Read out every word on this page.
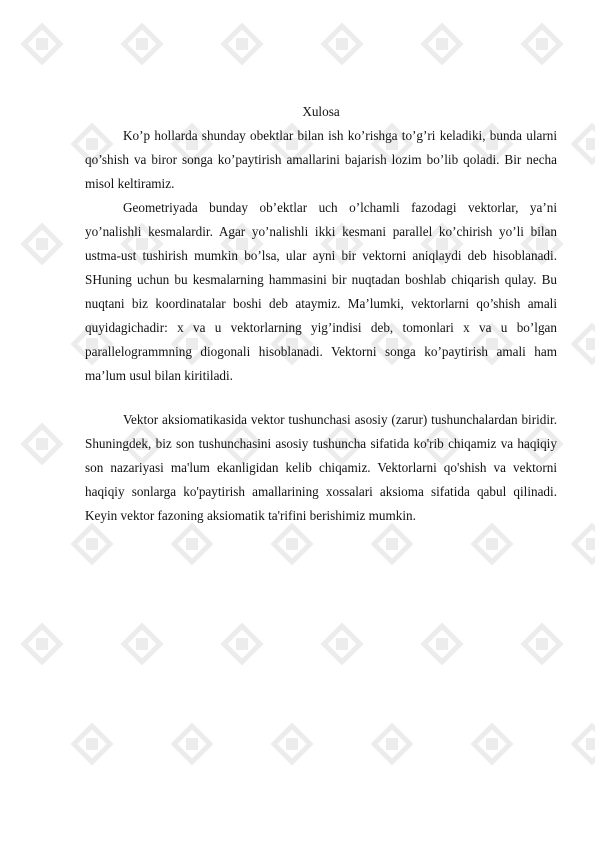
Xulosa

Ko’p hollarda shunday obektlar bilan ish ko’rishga to’g’ri keladiki, bunda ularni qo’shish va biror songa ko’paytirish amallarini bajarish lozim bo’lib qoladi. Bir necha misol keltiramiz.

Geometriyada bunday ob’ektlar uch o’lchamli fazodagi vektorlar, ya’ni yo’nalishli kesmalardir. Agar yo’nalishli ikki kesmani parallel ko’chirish yo’li bilan ustma-ust tushirish mumkin bo’lsa, ular ayni bir vektorni aniqlaydi deb hisoblanadi. SHuning uchun bu kesmalarning hammasini bir nuqtadan boshlab chiqarish qulay. Bu nuqtani biz koordinatalar boshi deb ataymiz. Ma’lumki, vektorlarni qo’shish amali quyidagichadir: x va u vektorlarning yig’indisi deb, tomonlari x va u bo’lgan parallelogrammning diogonali hisoblanadi. Vektorni songa ko’paytirish amali ham ma’lum usul bilan kiritiladi.

Vektor aksiomatikasida vektor tushunchasi asosiy (zarur) tushunchalardan biridir. Shuningdek, biz son tushunchasini asosiy tushuncha sifatida ko'rib chiqamiz va haqiqiy son nazariyasi ma'lum ekanligidan kelib chiqamiz. Vektorlarni qo'shish va vektorni haqiqiy sonlarga ko'paytirish amallarining xossalari aksioma sifatida qabul qilinadi. Keyin vektor fazoning aksiomatik ta'rifini berishimiz mumkin.
